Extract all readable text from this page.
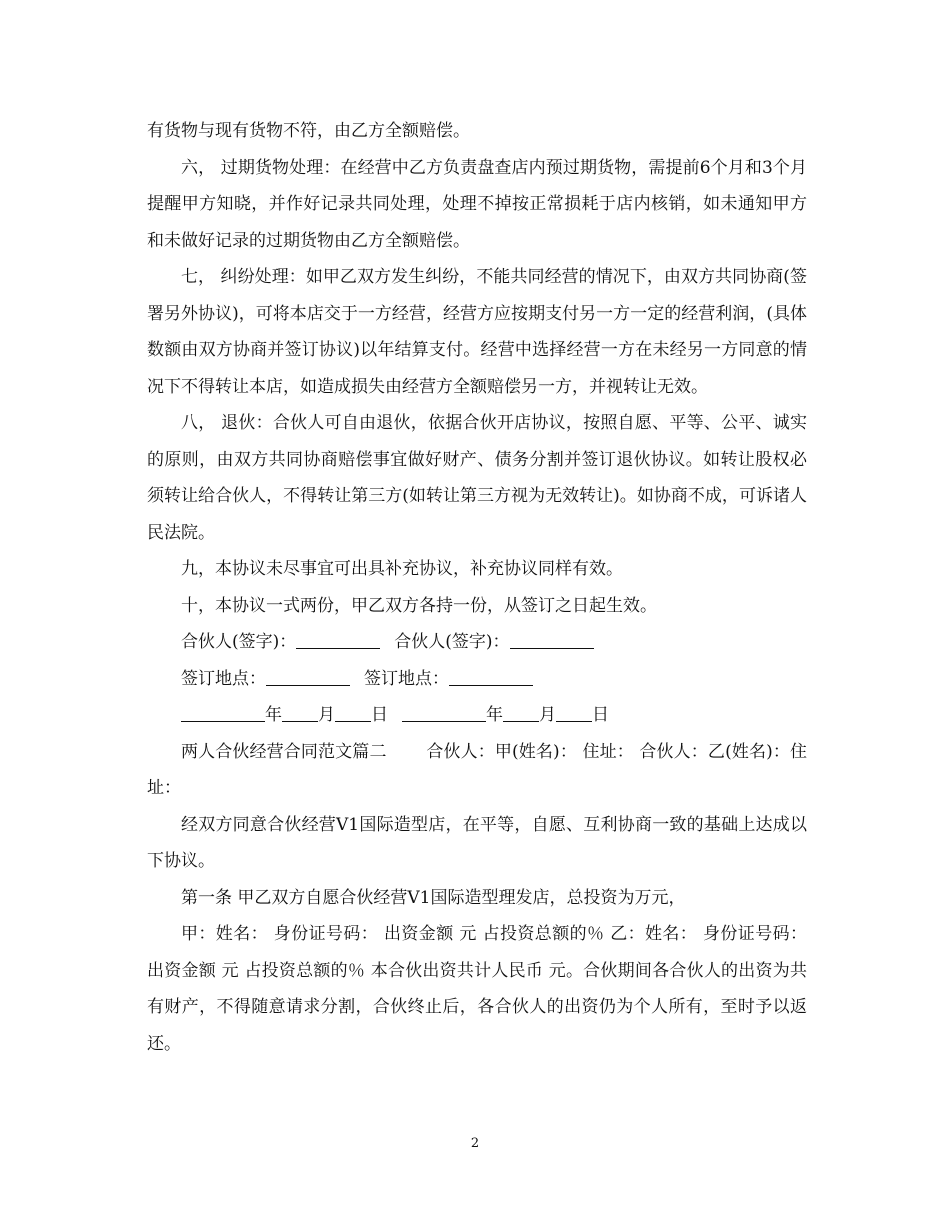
有货物与现有货物不符，由乙方全额赔偿。

六， 过期货物处理：在经营中乙方负责盘查店内预过期货物，需提前6个月和3个月提醒甲方知晓，并作好记录共同处理，处理不掉按正常损耗于店内核销，如未通知甲方和未做好记录的过期货物由乙方全额赔偿。

七， 纠纷处理：如甲乙双方发生纠纷，不能共同经营的情况下，由双方共同协商(签署另外协议)，可将本店交于一方经营，经营方应按期支付另一方一定的经营利润，(具体数额由双方协商并签订协议)以年结算支付。经营中选择经营一方在未经另一方同意的情况下不得转让本店，如造成损失由经营方全额赔偿另一方，并视转让无效。

八， 退伙：合伙人可自由退伙，依据合伙开店协议，按照自愿、平等、公平、诚实的原则，由双方共同协商赔偿事宜做好财产、债务分割并签订退伙协议。如转让股权必须转让给合伙人，不得转让第三方(如转让第三方视为无效转让)。如协商不成，可诉诸人民法院。

九，本协议未尽事宜可出具补充协议，补充协议同样有效。

十，本协议一式两份，甲乙双方各持一份，从签订之日起生效。

合伙人(签字)：	合伙人(签字)：

签订地点：	签订地点：

年 月 日	年 月 日

两人合伙经营合同范文篇二 　　合伙人：甲(姓名)： 住址： 合伙人：乙(姓名)：住址：

经双方同意合伙经营V1国际造型店，在平等，自愿、互利协商一致的基础上达成以下协议。

第一条 甲乙双方自愿合伙经营V1国际造型理发店，总投资为万元，

甲：姓名： 身份证号码： 出资金额 元 占投资总额的％ 乙：姓名： 身份证号码： 出资金额 元 占投资总额的％ 本合伙出资共计人民币 元。合伙期间各合伙人的出资为共有财产，不得随意请求分割，合伙终止后，各合伙人的出资仍为个人所有，至时予以返还。

2
